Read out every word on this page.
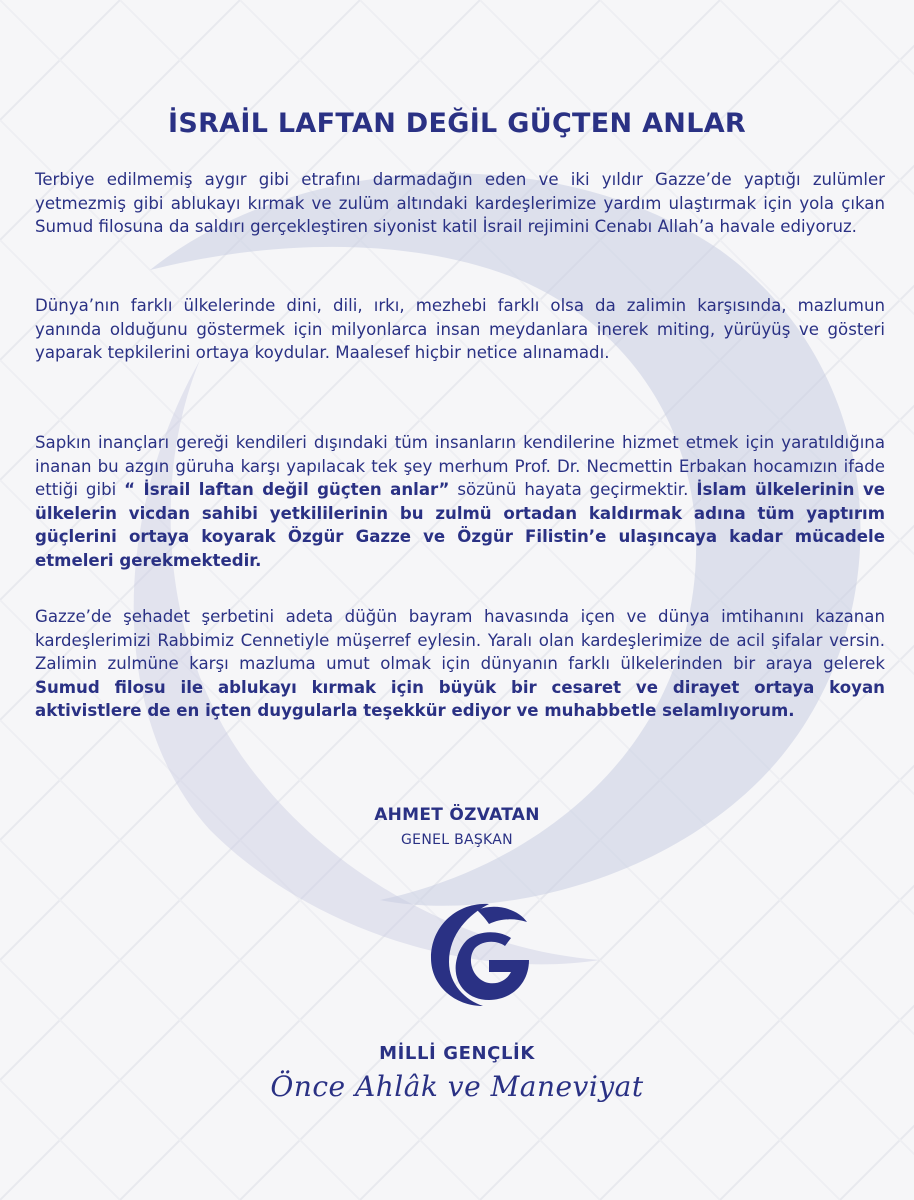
İSRAİL LAFTAN DEĞİL GÜÇTEN ANLAR
Terbiye edilmemiş aygır gibi etrafını darmadağın eden ve iki yıldır Gazze’de yaptığı zulümler yetmezmiş gibi ablukayı kırmak ve zulüm altındaki kardeşlerimize yardım ulaştırmak için yola çıkan Sumud filosuna da saldırı gerçekleştiren siyonist katil İsrail rejimini Cenabı Allah’a havale ediyoruz.
Dünya’nın farklı ülkelerinde dini, dili, ırkı, mezhebi farklı olsa da zalimin karşısında, mazlumun yanında olduğunu göstermek için milyonlarca insan meydanlara inerek miting, yürüyüş ve gösteri yaparak tepkilerini ortaya koydular. Maalesef hiçbir netice alınamadı.
Sapkın inançları gereği kendileri dışındaki tüm insanların kendilerine hizmet etmek için yaratıldığına inanan bu azgın güruha karşı yapılacak tek şey merhum Prof. Dr. Necmettin Erbakan hocamızın ifade ettiği gibi “ İsrail laftan değil güçten anlar” sözünü hayata geçirmektir. İslam ülkelerinin ve ülkelerin vicdan sahibi yetkililerinin bu zulmü ortadan kaldırmak adına tüm yaptırım güçlerini ortaya koyarak Özgür Gazze ve Özgür Filistin’e ulaşıncaya kadar mücadele etmeleri gerekmektedir.
Gazze’de şehadet şerbetini adeta düğün bayram havasında içen ve dünya imtihanını kazanan kardeşlerimizi Rabbimiz Cennetiyle müşerref eylesin. Yaralı olan kardeşlerimize de acil şifalar versin. Zalimin zulmüne karşı mazluma umut olmak için dünyanın farklı ülkelerinden bir araya gelerek Sumud filosu ile ablukayı kırmak için büyük bir cesaret ve dirayet ortaya koyan aktivistlere de en içten duygularla teşekkür ediyor ve muhabbetle selamlıyorum.
AHMET ÖZVATAN
GENEL BAŞKAN
MİLLİ GENÇLİK
Önce Ahlâk ve Maneviyat
